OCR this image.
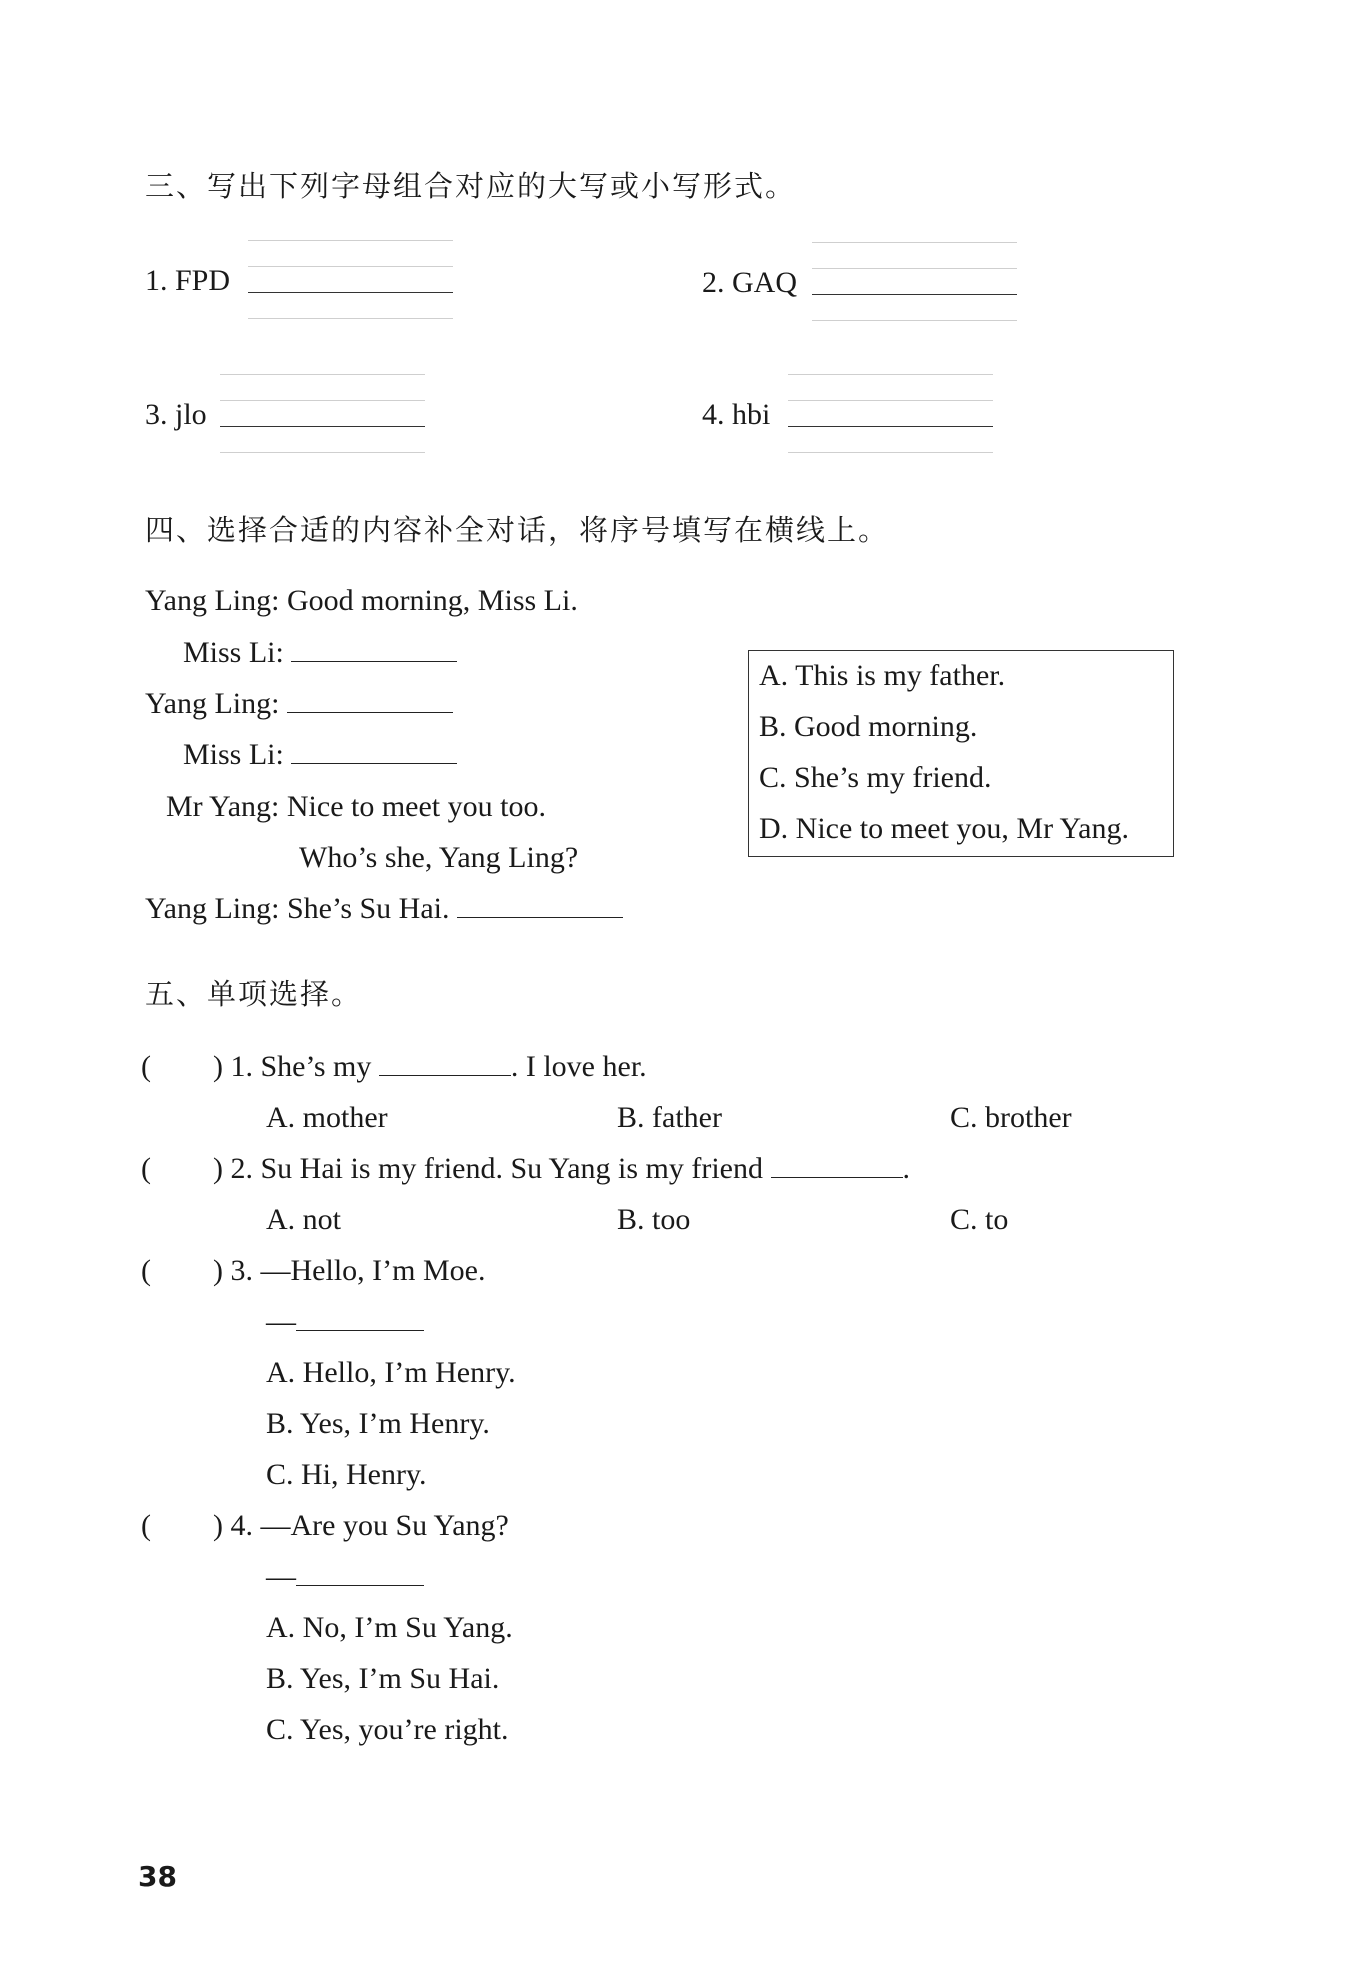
三、写出下列字母组合对应的大写或小写形式。
1. FPD	2. GAQ
3. jlo	4. hbi
四、选择合适的内容补全对话，将序号填写在横线上。
Yang Ling: Good morning, Miss Li.
Miss Li:
Yang Ling:
Miss Li:
Mr Yang: Nice to meet you too.
Who’s she, Yang Ling?
Yang Ling: She’s Su Hai.
A. This is my father.
B. Good morning.
C. She’s my friend.
D. Nice to meet you, Mr Yang.
五、单项选择。
( ) 1. She’s my	. I love her.
A. mother	B. father	C. brother
( ) 2. Su Hai is my friend. Su Yang is my friend	.
A. not	B. too	C. to
( ) 3. —Hello, I’m Moe.
—
A. Hello, I’m Henry.
B. Yes, I’m Henry.
C. Hi, Henry.
( ) 4. —Are you Su Yang?
—
A. No, I’m Su Yang.
B. Yes, I’m Su Hai.
C. Yes, you’re right.
38
